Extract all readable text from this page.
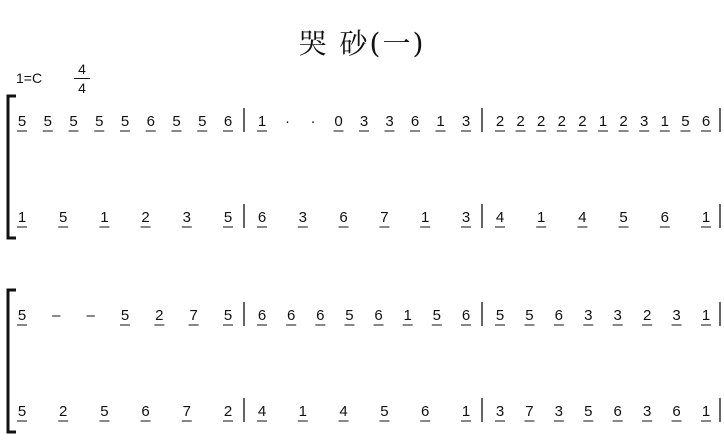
哭 砂(一)
$1=C \frac{4}{4}$
5 5 5 5 5 6 5 5 6 1 · · 0 3 3 6 1 3 2 2 2 2 2 1 2 3 1 5 6
1 5 1 2 3 5 6 3 6 7 1 3 4 1 4 5 6 1
5 – – 5 2 7 5 6 6 6 5 6 1 5 6 5 5 6 3 3 2 3 1
5 2 5 6 7 2 4 1 4 5 6 1 3 7 3 5 6 3 6 1
